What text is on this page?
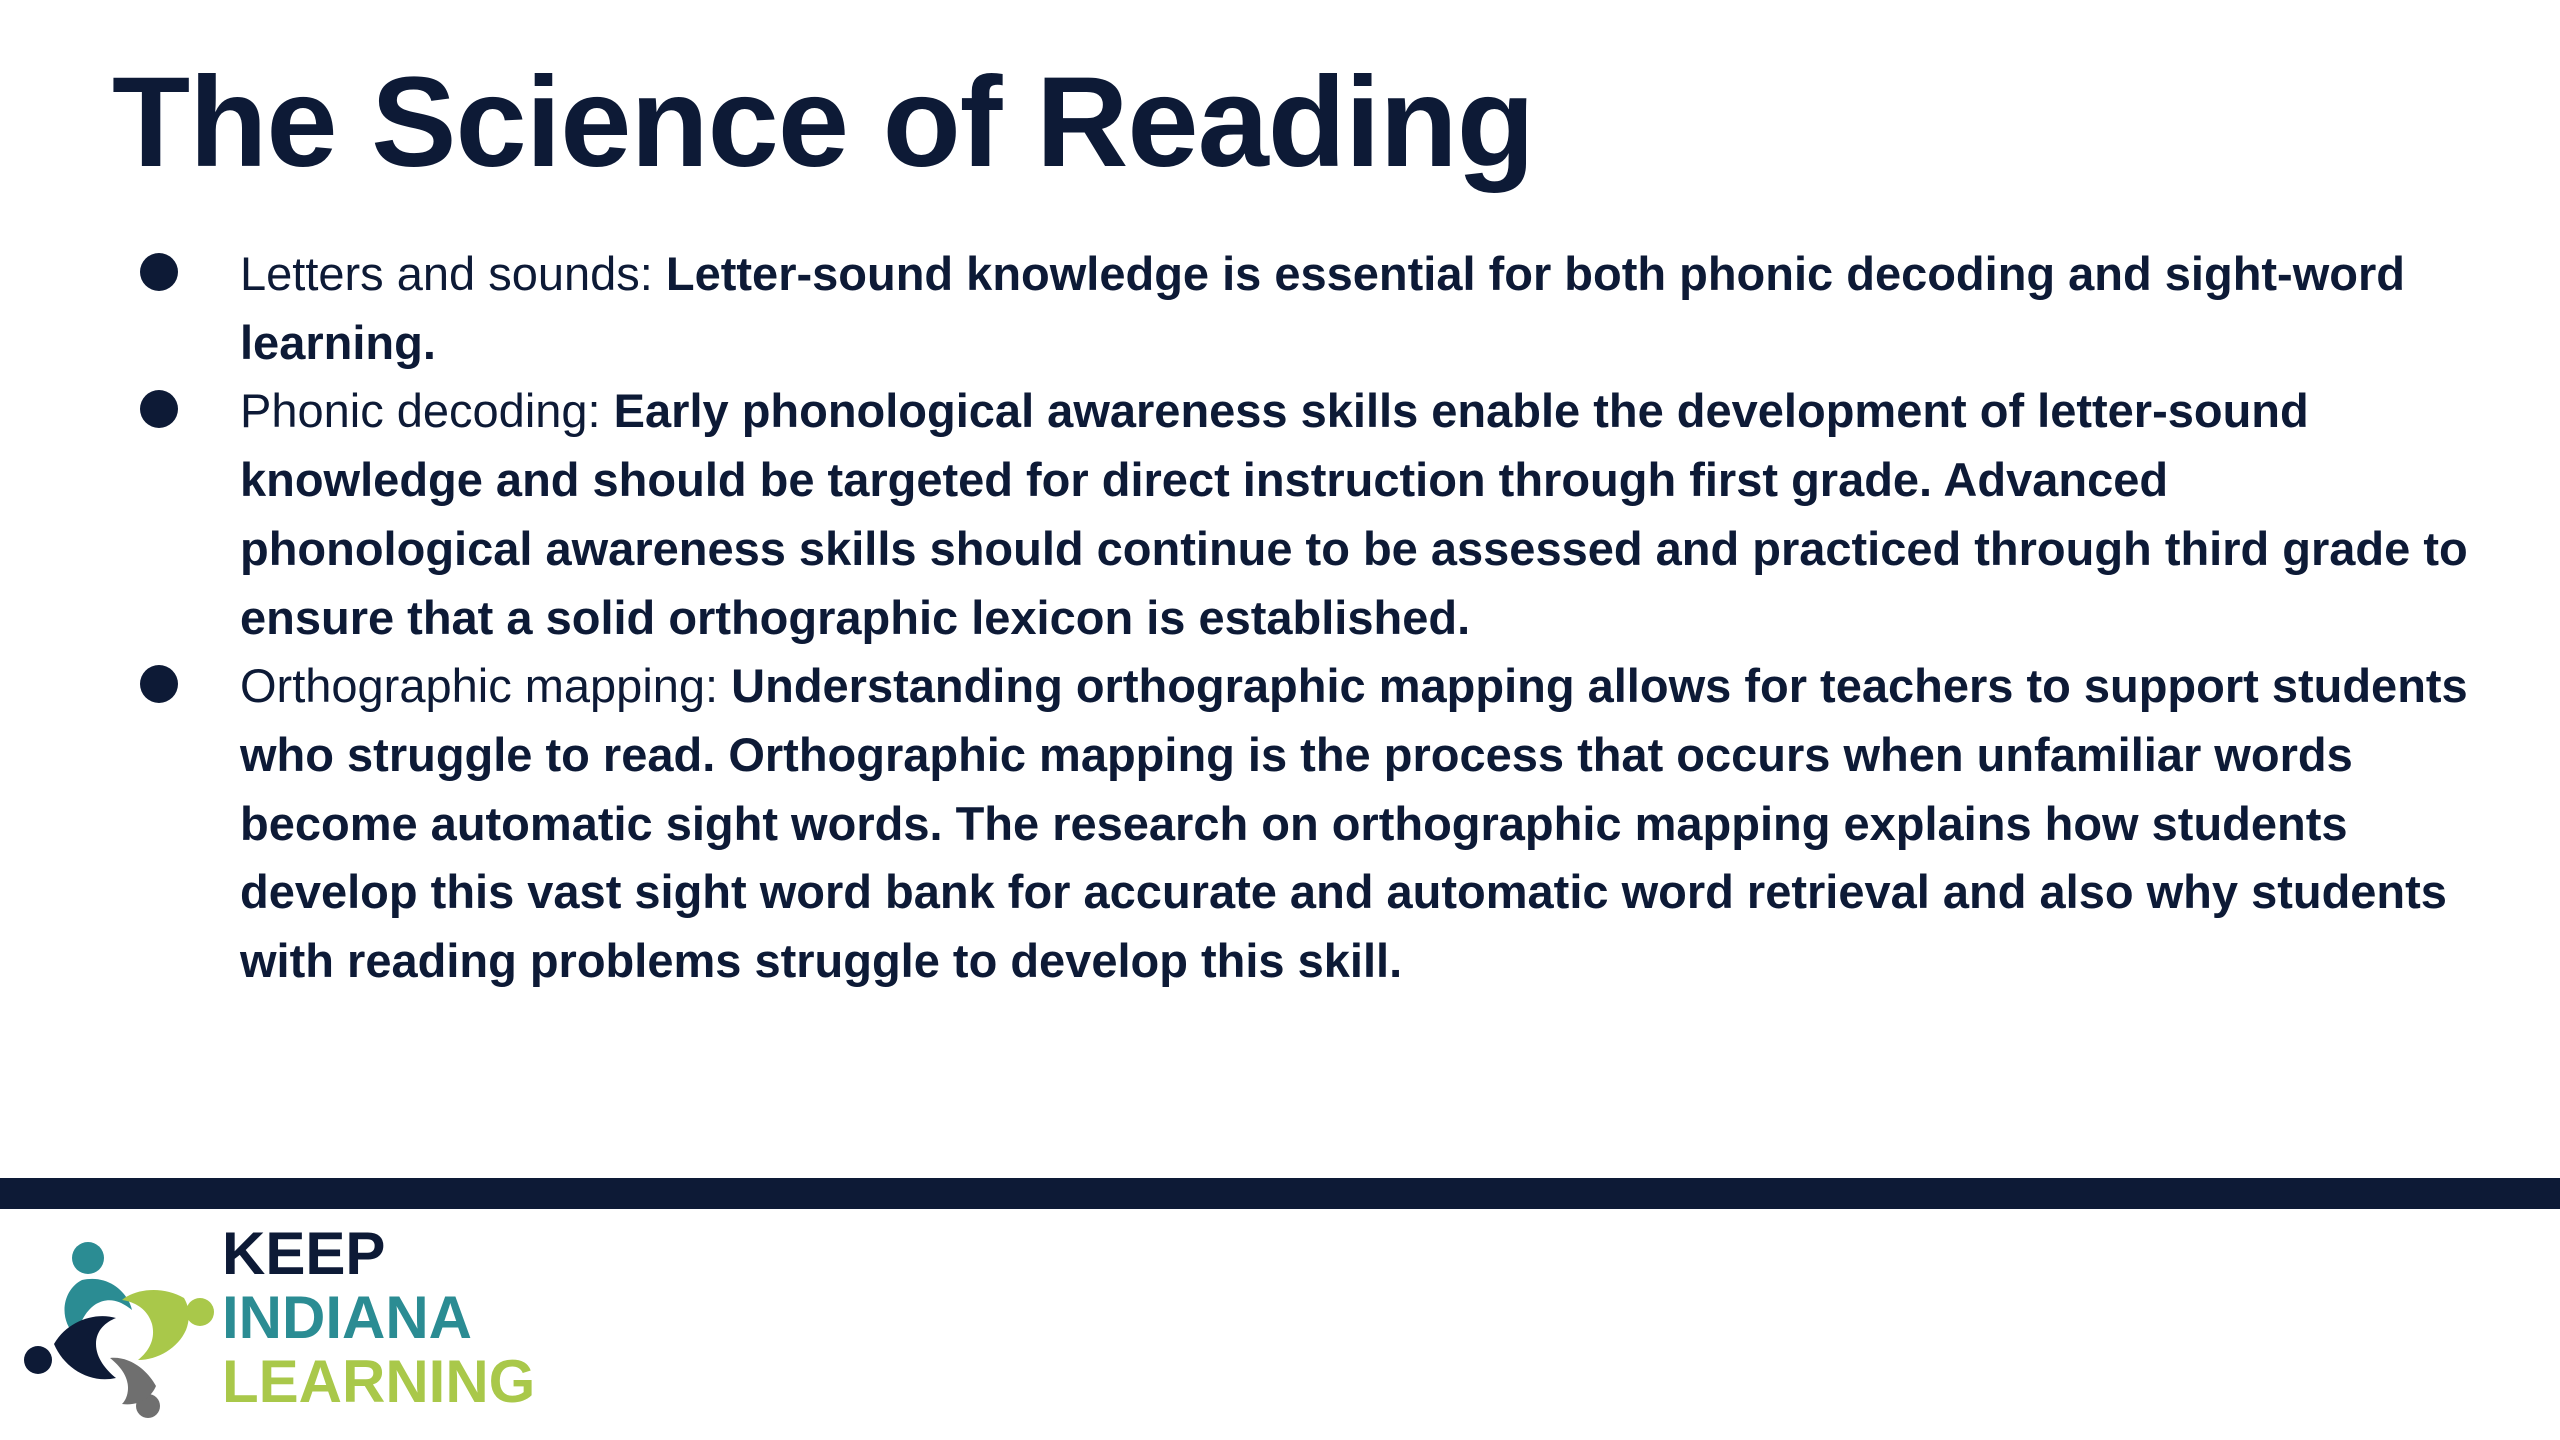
The Science of Reading
Letters and sounds: Letter-sound knowledge is essential for both phonic decoding and sight-word learning.
Phonic decoding: Early phonological awareness skills enable the development of letter-sound knowledge and should be targeted for direct instruction through first grade. Advanced phonological awareness skills should continue to be assessed and practiced through third grade to ensure that a solid orthographic lexicon is established.
Orthographic mapping: Understanding orthographic mapping allows for teachers to support students who struggle to read. Orthographic mapping is the process that occurs when unfamiliar words become automatic sight words. The research on orthographic mapping explains how students develop this vast sight word bank for accurate and automatic word retrieval and also why students with reading problems struggle to develop this skill.
KEEP
INDIANA
LEARNING
